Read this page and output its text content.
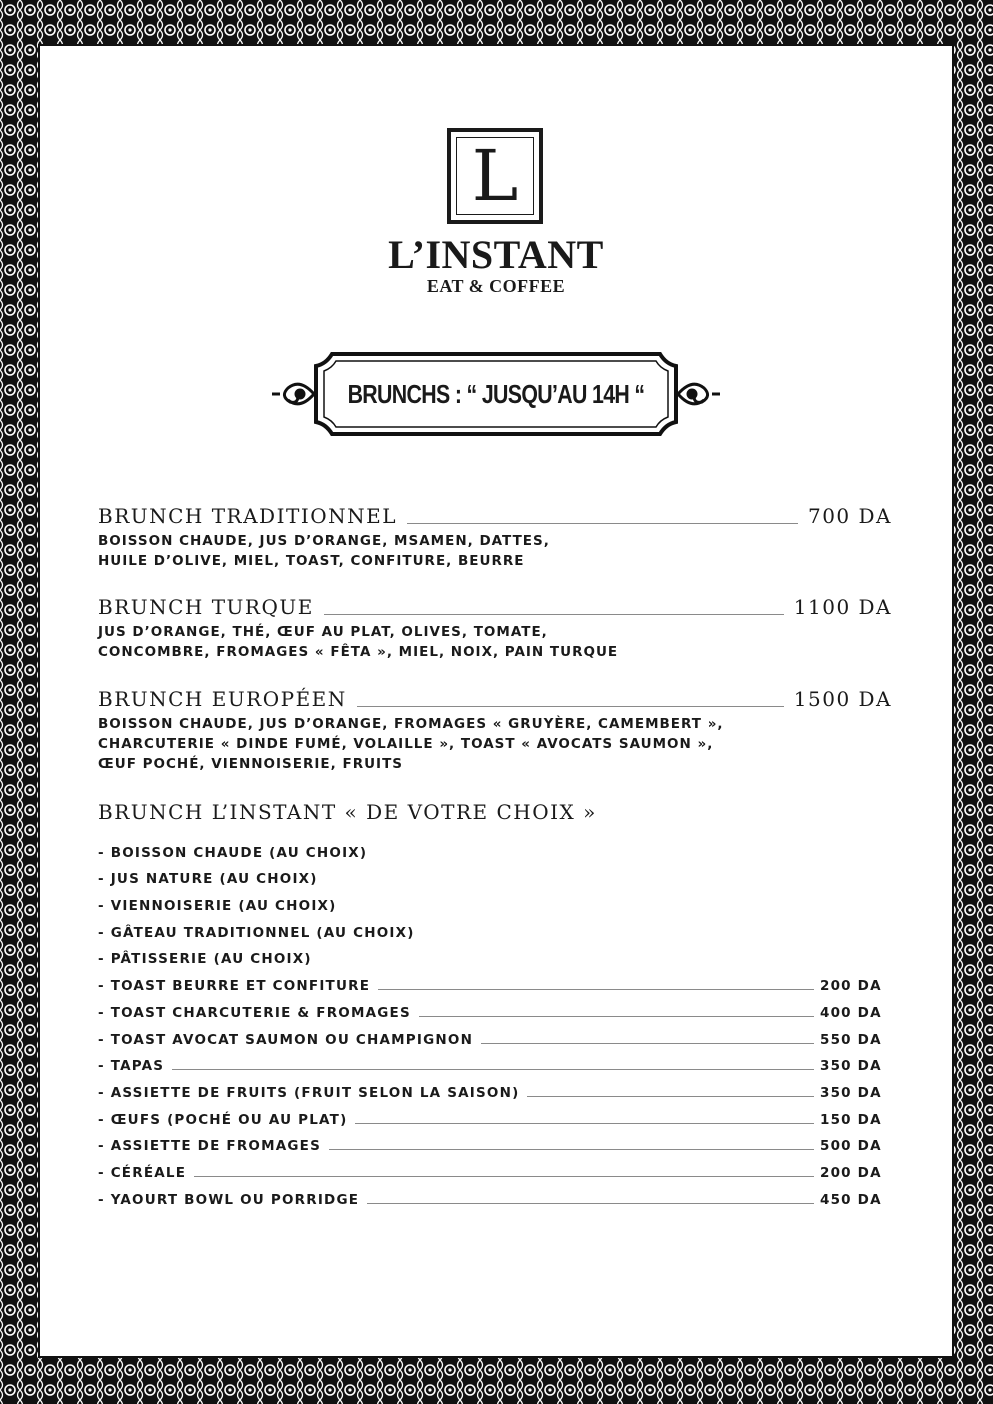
L
L’INSTANT
EAT & COFFEE
BRUNCHS : “ JUSQU’AU 14H “
BRUNCH TRADITIONNEL	700 DA
BOISSON CHAUDE, JUS D’ORANGE, MSAMEN, DATTES,
HUILE D’OLIVE, MIEL, TOAST, CONFITURE, BEURRE
BRUNCH TURQUE	1100 DA
JUS D’ORANGE, THÉ, ŒUF AU PLAT, OLIVES, TOMATE,
CONCOMBRE, FROMAGES « FÊTA », MIEL, NOIX, PAIN TURQUE
BRUNCH EUROPÉEN	1500 DA
BOISSON CHAUDE, JUS D’ORANGE, FROMAGES « GRUYÈRE, CAMEMBERT »,
CHARCUTERIE « DINDE FUMÉ, VOLAILLE », TOAST « AVOCATS SAUMON »,
ŒUF POCHÉ, VIENNOISERIE, FRUITS
BRUNCH L’INSTANT « DE VOTRE CHOIX »
- BOISSON CHAUDE (AU CHOIX)
- JUS NATURE (AU CHOIX)
- VIENNOISERIE (AU CHOIX)
- GÂTEAU TRADITIONNEL (AU CHOIX)
- PÂTISSERIE (AU CHOIX)
- TOAST BEURRE ET CONFITURE	200 DA
- TOAST CHARCUTERIE & FROMAGES	400 DA
- TOAST AVOCAT SAUMON OU CHAMPIGNON	550 DA
- TAPAS	350 DA
- ASSIETTE DE FRUITS (FRUIT SELON LA SAISON)	350 DA
- ŒUFS (POCHÉ OU AU PLAT)	150 DA
- ASSIETTE DE FROMAGES	500 DA
- CÉRÉALE	200 DA
- YAOURT BOWL OU PORRIDGE	450 DA
